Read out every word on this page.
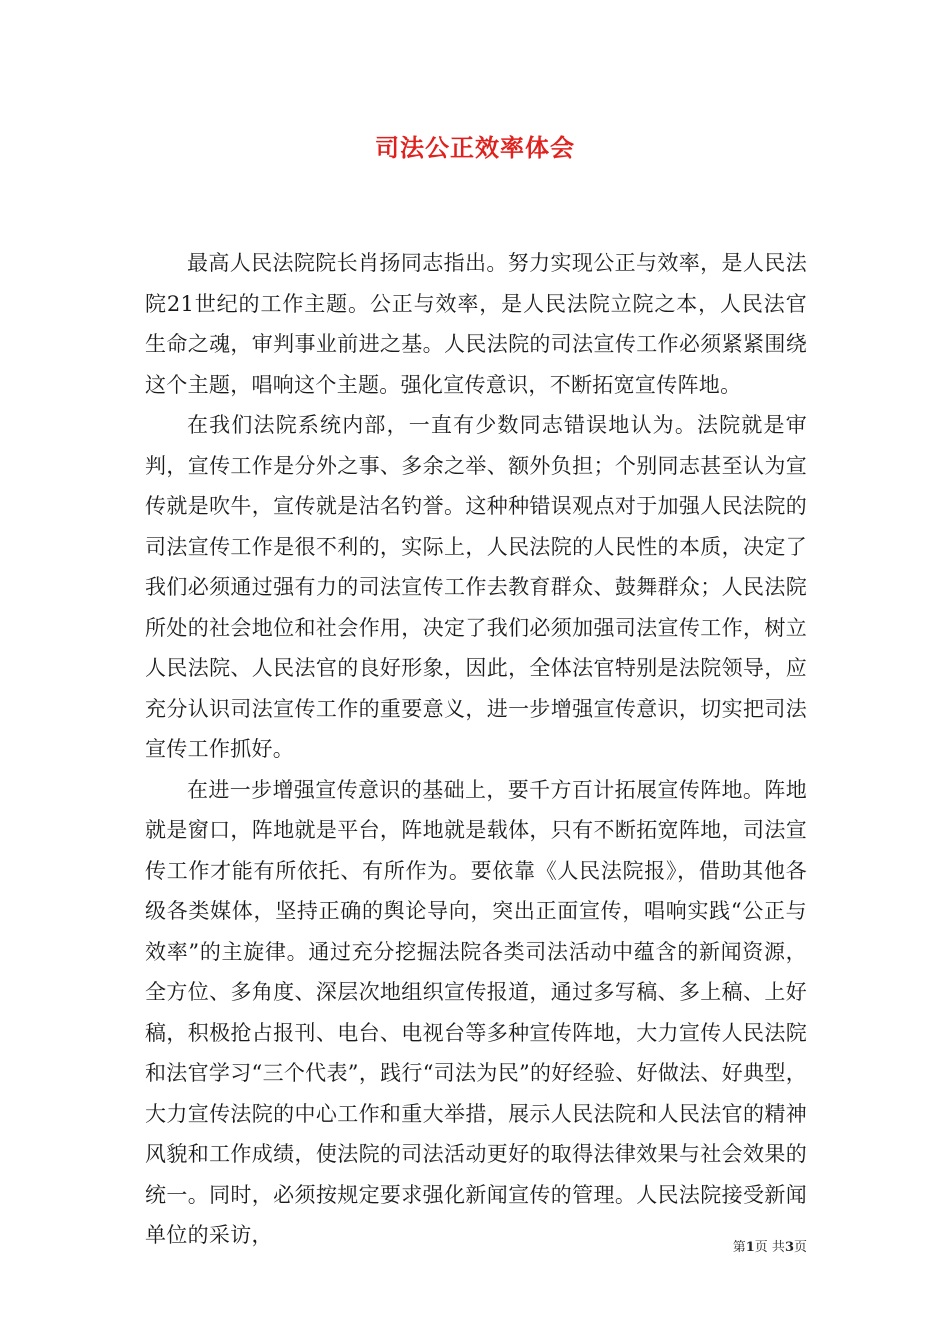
司法公正效率体会

最高人民法院院长肖扬同志指出。努力实现公正与效率，是人民法院21世纪的工作主题。公正与效率，是人民法院立院之本，人民法官生命之魂，审判事业前进之基。人民法院的司法宣传工作必须紧紧围绕这个主题，唱响这个主题。强化宣传意识，不断拓宽宣传阵地。

在我们法院系统内部，一直有少数同志错误地认为。法院就是审判，宣传工作是分外之事、多余之举、额外负担；个别同志甚至认为宣传就是吹牛，宣传就是沽名钓誉。这种种错误观点对于加强人民法院的司法宣传工作是很不利的，实际上，人民法院的人民性的本质，决定了我们必须通过强有力的司法宣传工作去教育群众、鼓舞群众；人民法院所处的社会地位和社会作用，决定了我们必须加强司法宣传工作，树立人民法院、人民法官的良好形象，因此，全体法官特别是法院领导，应充分认识司法宣传工作的重要意义，进一步增强宣传意识，切实把司法宣传工作抓好。

在进一步增强宣传意识的基础上，要千方百计拓展宣传阵地。阵地就是窗口，阵地就是平台，阵地就是载体，只有不断拓宽阵地，司法宣传工作才能有所依托、有所作为。要依靠《人民法院报》，借助其他各级各类媒体，坚持正确的舆论导向，突出正面宣传，唱响实践“公正与效率”的主旋律。通过充分挖掘法院各类司法活动中蕴含的新闻资源，全方位、多角度、深层次地组织宣传报道，通过多写稿、多上稿、上好稿，积极抢占报刊、电台、电视台等多种宣传阵地，大力宣传人民法院和法官学习“三个代表”，践行“司法为民”的好经验、好做法、好典型，大力宣传法院的中心工作和重大举措，展示人民法院和人民法官的精神风貌和工作成绩，使法院的司法活动更好的取得法律效果与社会效果的统一。同时，必须按规定要求强化新闻宣传的管理。人民法院接受新闻单位的采访，

第1页 共3页
